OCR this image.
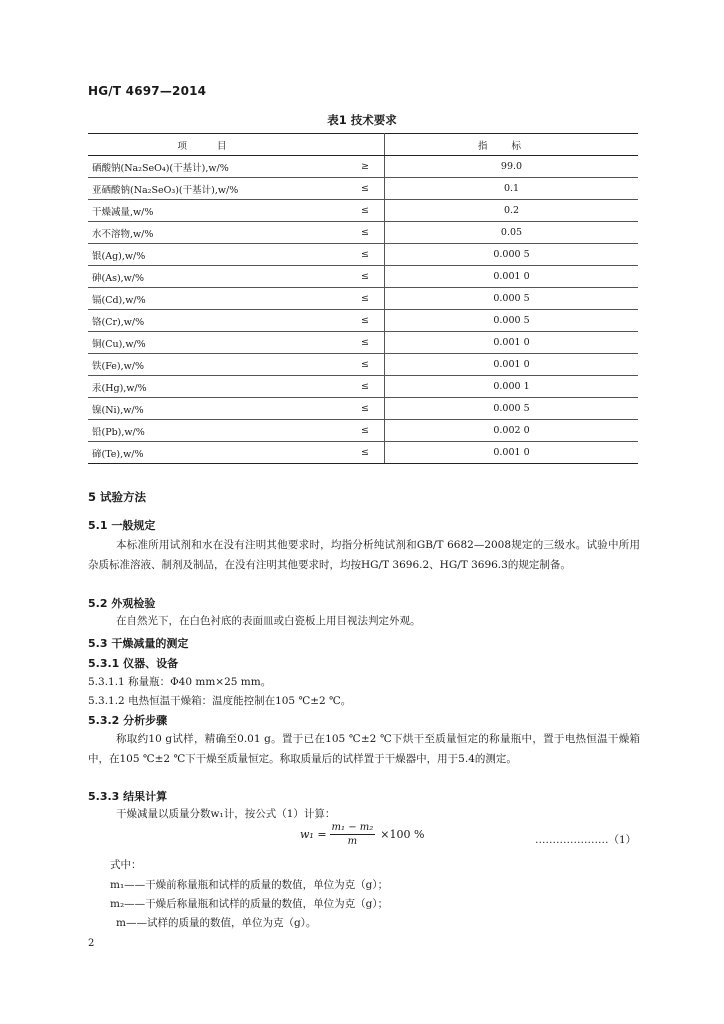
HG/T 4697—2014
表1 技术要求
项目		指标
硒酸钠(Na₂SeO₄)(干基计),w/%	≥	99.0
亚硒酸钠(Na₂SeO₃)(干基计),w/%	≤	0.1
干燥减量,w/%	≤	0.2
水不溶物,w/%	≤	0.05
银(Ag),w/%	≤	0.000 5
砷(As),w/%	≤	0.001 0
镉(Cd),w/%	≤	0.000 5
铬(Cr),w/%	≤	0.000 5
铜(Cu),w/%	≤	0.001 0
铁(Fe),w/%	≤	0.001 0
汞(Hg),w/%	≤	0.000 1
镍(Ni),w/%	≤	0.000 5
铅(Pb),w/%	≤	0.002 0
碲(Te),w/%	≤	0.001 0
5 试验方法
5.1 一般规定
本标准所用试剂和水在没有注明其他要求时，均指分析纯试剂和GB/T 6682—2008规定的三级水。试验中所用杂质标准溶液、制剂及制品，在没有注明其他要求时，均按HG/T 3696.2、HG/T 3696.3的规定制备。
5.2 外观检验
在自然光下，在白色衬底的表面皿或白瓷板上用目视法判定外观。
5.3 干燥减量的测定
5.3.1 仪器、设备
5.3.1.1 称量瓶：Φ40 mm×25 mm。
5.3.1.2 电热恒温干燥箱：温度能控制在105 ℃±2 ℃。
5.3.2 分析步骤
称取约10 g试样，精确至0.01 g。置于已在105 ℃±2 ℃下烘干至质量恒定的称量瓶中，置于电热恒温干燥箱中，在105 ℃±2 ℃下干燥至质量恒定。称取质量后的试样置于干燥器中，用于5.4的测定。
5.3.3 结果计算
干燥减量以质量分数w₁计，按公式（1）计算：
$w_1 = \frac{\text{m₁ − m₂}}{m} \times 100$ %	…………………（1）
式中：
m₁——干燥前称量瓶和试样的质量的数值，单位为克（g）；
m₂——干燥后称量瓶和试样的质量的数值，单位为克（g）；
m——试样的质量的数值，单位为克（g）。
2
